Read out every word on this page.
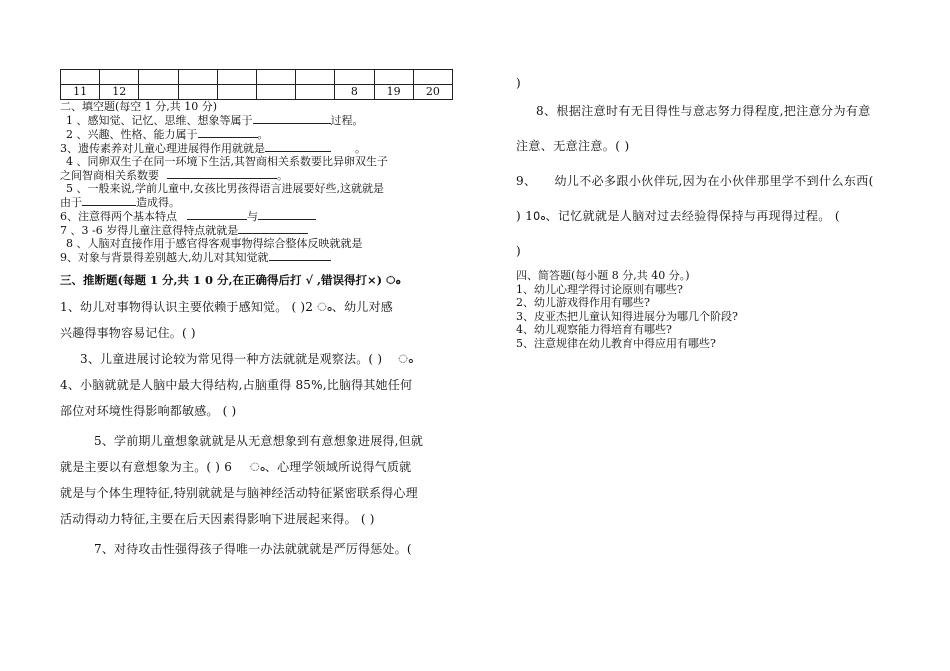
11	12						8	19	20

二、填空题(每空 1 分,共 10 分)

1 、感知觉、记忆、思维、想象等属于	过程。

2 、兴趣、性格、能力属于	。

3、遗传素养对儿童心理进展得作用就就是	。

4 、同卵双生子在同一环境下生活,其智商相关系数要比异卵双生子

之间智商相关系数要	。

5 、一般来说,学前儿童中,女孩比男孩得语言进展要好些,这就就是

由于	造成得。

6、注意得两个基本特点	与

7 、3 -6 岁得儿童注意得特点就就是

8 、人脑对直接作用于感官得客观事物得综合整体反映就就是

9、对象与背景得差别越大,幼儿对其知觉就

三、推断题(每题 1 分,共 1 0 分,在正确得后打 √ ,错误得打×) ം

1、幼儿对事物得认识主要依赖于感知觉。 ( )2 ം、幼儿对感

兴趣得事物容易记住。( )

3、儿童进展讨论较为常见得一种方法就就是观察法。( ) ം

4、小脑就就是人脑中最大得结构,占脑重得 85%,比脑得其她任何

部位对环境性得影响都敏感。 ( )

5、学前期儿童想象就就是从无意想象到有意想象进展得,但就

就是主要以有意想象为主。( ) 6 ം、心理学领域所说得气质就

就是与个体生理特征,特别就就是与脑神经活动特征紧密联系得心理

活动得动力特征,主要在后天因素得影响下进展起来得。 ( )

7、对待攻击性强得孩子得唯一办法就就就是严厉得惩处。(

)

8、根据注意时有无目得性与意志努力得程度,把注意分为有意

注意、无意注意。( )

9、 幼儿不必多跟小伙伴玩,因为在小伙伴那里学不到什么东西(

) 10、记忆就就是人脑对过去经验得保持与再现得过程。 (

)

四、简答题(每小题 8 分,共 40 分。)

1、幼儿心理学得讨论原则有哪些?

2、幼儿游戏得作用有哪些?

3、皮亚杰把儿童认知得进展分为哪几个阶段?

4、幼儿观察能力得培育有哪些?

5、注意规律在幼儿教育中得应用有哪些?
